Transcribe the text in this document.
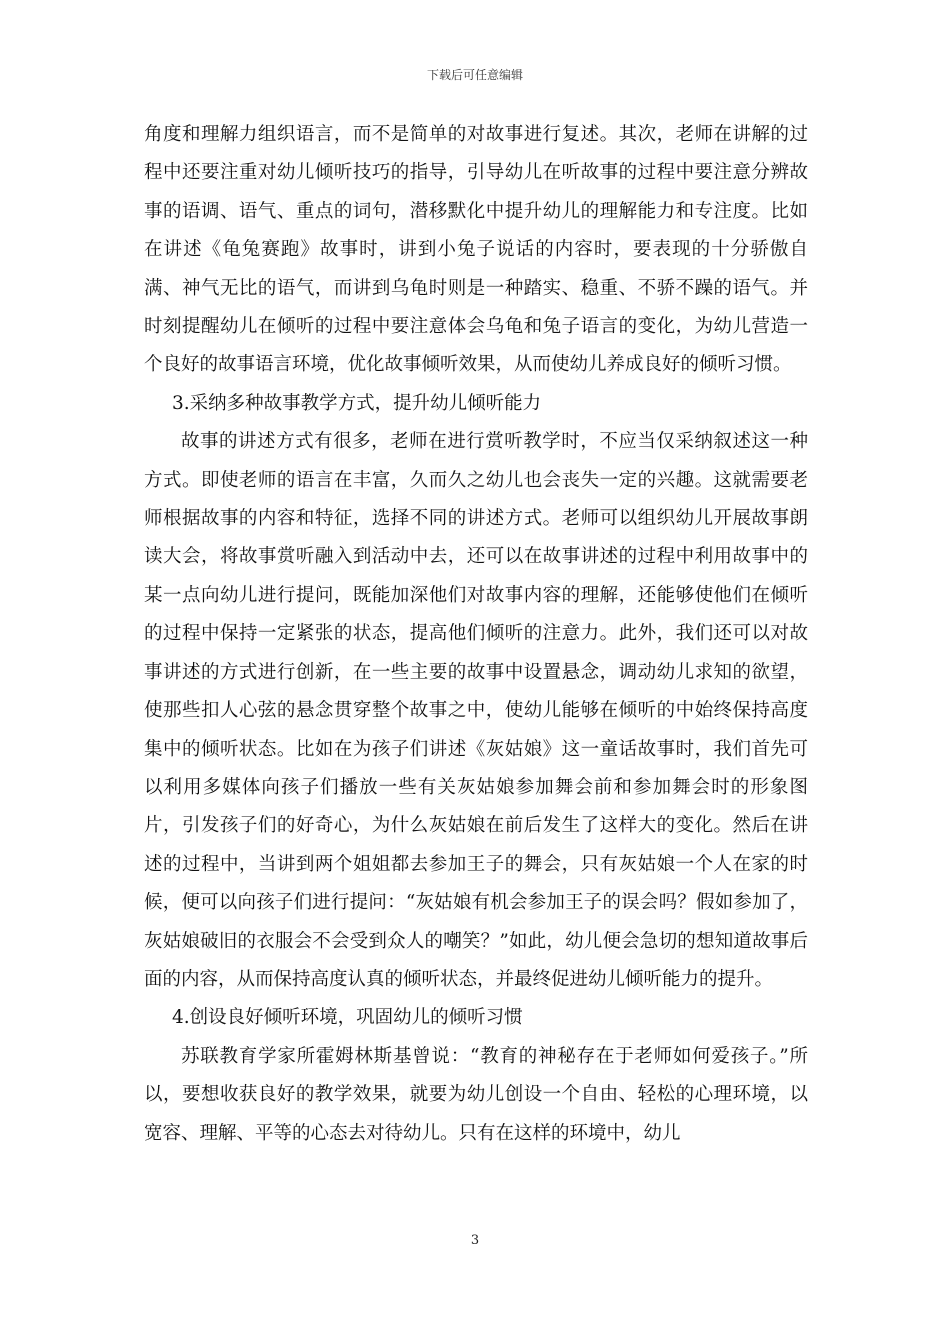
下载后可任意编辑

角度和理解力组织语言，而不是简单的对故事进行复述。其次，老师在讲解的过程中还要注重对幼儿倾听技巧的指导，引导幼儿在听故事的过程中要注意分辨故事的语调、语气、重点的词句，潜移默化中提升幼儿的理解能力和专注度。比如在讲述《龟兔赛跑》故事时，讲到小兔子说话的内容时，要表现的十分骄傲自满、神气无比的语气，而讲到乌龟时则是一种踏实、稳重、不骄不躁的语气。并时刻提醒幼儿在倾听的过程中要注意体会乌龟和兔子语言的变化，为幼儿营造一个良好的故事语言环境，优化故事倾听效果，从而使幼儿养成良好的倾听习惯。

3.采纳多种故事教学方式，提升幼儿倾听能力

故事的讲述方式有很多，老师在进行赏听教学时，不应当仅采纳叙述这一种方式。即使老师的语言在丰富，久而久之幼儿也会丧失一定的兴趣。这就需要老师根据故事的内容和特征，选择不同的讲述方式。老师可以组织幼儿开展故事朗读大会，将故事赏听融入到活动中去，还可以在故事讲述的过程中利用故事中的某一点向幼儿进行提问，既能加深他们对故事内容的理解，还能够使他们在倾听的过程中保持一定紧张的状态，提高他们倾听的注意力。此外，我们还可以对故事讲述的方式进行创新，在一些主要的故事中设置悬念，调动幼儿求知的欲望，使那些扣人心弦的悬念贯穿整个故事之中，使幼儿能够在倾听的中始终保持高度集中的倾听状态。比如在为孩子们讲述《灰姑娘》这一童话故事时，我们首先可以利用多媒体向孩子们播放一些有关灰姑娘参加舞会前和参加舞会时的形象图片，引发孩子们的好奇心，为什么灰姑娘在前后发生了这样大的变化。然后在讲述的过程中，当讲到两个姐姐都去参加王子的舞会，只有灰姑娘一个人在家的时候，便可以向孩子们进行提问：“灰姑娘有机会参加王子的误会吗？假如参加了，灰姑娘破旧的衣服会不会受到众人的嘲笑？”如此，幼儿便会急切的想知道故事后面的内容，从而保持高度认真的倾听状态，并最终促进幼儿倾听能力的提升。

4.创设良好倾听环境，巩固幼儿的倾听习惯

苏联教育学家所霍姆林斯基曾说：“教育的神秘存在于老师如何爱孩子。”所以，要想收获良好的教学效果，就要为幼儿创设一个自由、轻松的心理环境，以宽容、理解、平等的心态去对待幼儿。只有在这样的环境中，幼儿

3
